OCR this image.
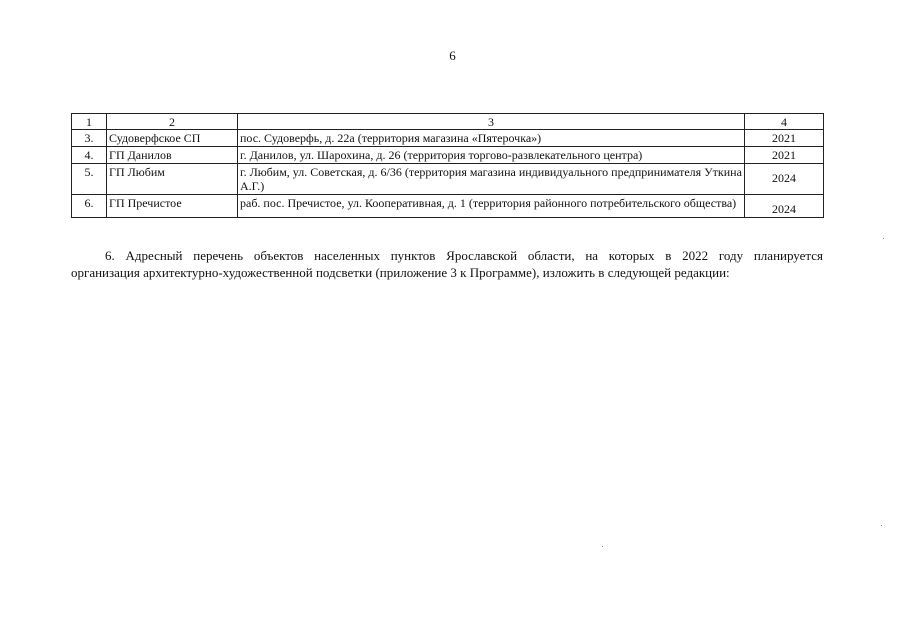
6
1	2	3	4
3.	Судоверфское СП	пос. Судоверфь, д. 22а (территория магазина «Пятерочка»)	2021
4.	ГП Данилов	г. Данилов, ул. Шарохина, д. 26 (территория торгово-развлекательного центра)	2021
5.	ГП Любим	г. Любим, ул. Советская, д. 6/36 (территория магазина индивидуального предпринимателя Уткина А.Г.)	2024
6.	ГП Пречистое	раб. пос. Пречистое, ул. Кооперативная, д. 1 (территория районного потребительского общества)	2024
6. Адресный перечень объектов населенных пунктов Ярославской области, на которых в 2022 году планируется
организация архитектурно-художественной подсветки (приложение 3 к Программе), изложить в следующей редакции:
